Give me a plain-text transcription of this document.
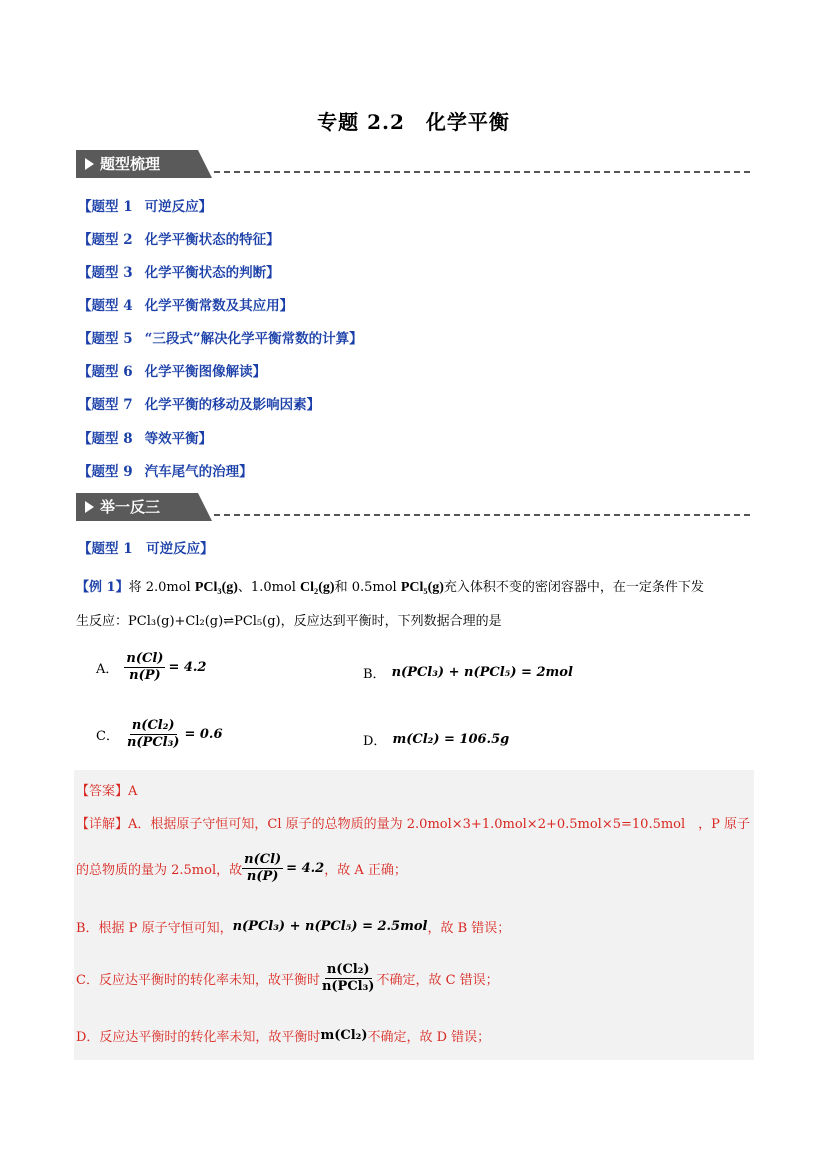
专题 2.2　化学平衡
题型梳理
【题型 1 可逆反应】
【题型 2 化学平衡状态的特征】
【题型 3 化学平衡状态的判断】
【题型 4 化学平衡常数及其应用】
【题型 5 “三段式”解决化学平衡常数的计算】
【题型 6 化学平衡图像解读】
【题型 7 化学平衡的移动及影响因素】
【题型 8 等效平衡】
【题型 9 汽车尾气的治理】
举一反三
【题型 1　可逆反应】
【例 1】将 2.0mol PCl₃(g)、1.0mol Cl₂(g)和 0.5mol PCl₅(g)充入体积不变的密闭容器中，在一定条件下发
生反应：PCl₃(g)+Cl₂(g)⇌PCl₅(g)，反应达到平衡时，下列数据合理的是
A． $\frac{n(Cl)}{n(P)} = 4.2$	B． n(PCl₃) + n(PCl₅) = 2mol
C． $\frac{\text{n(Cl₂)}}{\text{n(PCl₃)}} = 0.6$	D． m(Cl₂) = 106.5g
【答案】A
【详解】 A．根据原子守恒可知，Cl 原子的总物质的量为 2.0mol×3+1.0mol×2+0.5mol×5=10.5mol　，P 原子
的总物质的量为 2.5mol，故 $\frac{n(Cl)}{n(P)} = 4.2$ ，故 A 正确；
B．根据 P 原子守恒可知， n(PCl₃) + n(PCl₅) = 2.5mol ，故 B 错误；
C．反应达平衡时的转化率未知，故平衡时 $\frac{\text{n(Cl₂)}}{\text{n(PCl₃)}}$ 不确定，故 C 错误；
D．反应达平衡时的转化率未知，故平衡时 m(Cl₂) 不确定，故 D 错误；
